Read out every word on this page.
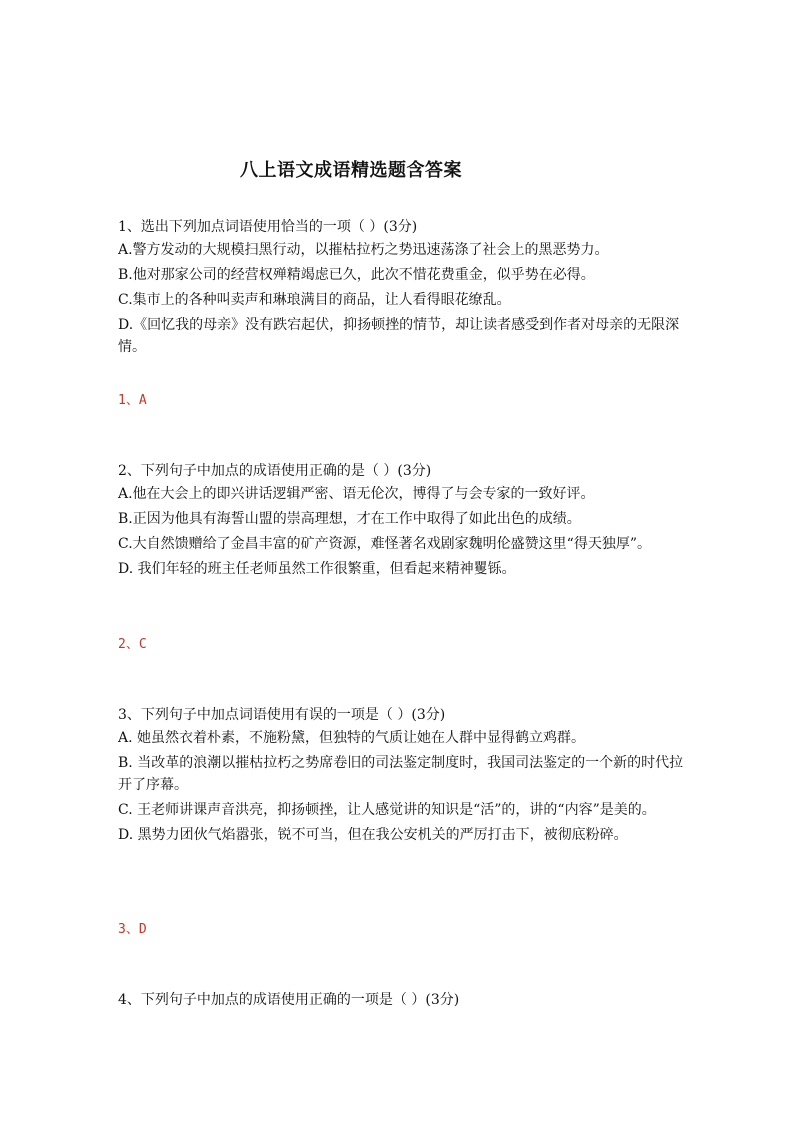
八上语文成语精选题含答案
1、选出下列加点词语使用恰当的一项（ ）(3分)
A.警方发动的大规模扫黑行动，以摧枯拉朽之势迅速荡涤了社会上的黑恶势力。
B.他对那家公司的经营权殚精竭虑已久，此次不惜花费重金，似乎势在必得。
C.集市上的各种叫卖声和琳琅满目的商品，让人看得眼花缭乱。
D.《回忆我的母亲》没有跌宕起伏，抑扬顿挫的情节，却让读者感受到作者对母亲的无限深情。
1、A
2、下列句子中加点的成语使用正确的是（ ）(3分)
A.他在大会上的即兴讲话逻辑严密、语无伦次，博得了与会专家的一致好评。
B.正因为他具有海誓山盟的崇高理想，才在工作中取得了如此出色的成绩。
C.大自然馈赠给了金昌丰富的矿产资源，难怪著名戏剧家魏明伦盛赞这里“得天独厚”。
D. 我们年轻的班主任老师虽然工作很繁重，但看起来精神矍铄。
2、C
3、下列句子中加点词语使用有误的一项是（ ）(3分)
A. 她虽然衣着朴素，不施粉黛，但独特的气质让她在人群中显得鹤立鸡群。
B. 当改革的浪潮以摧枯拉朽之势席卷旧的司法鉴定制度时，我国司法鉴定的一个新的时代拉开了序幕。
C. 王老师讲课声音洪亮，抑扬顿挫，让人感觉讲的知识是“活”的，讲的“内容”是美的。
D. 黑势力团伙气焰嚣张，锐不可当，但在我公安机关的严厉打击下，被彻底粉碎。
3、D
4、下列句子中加点的成语使用正确的一项是（ ）(3分)
